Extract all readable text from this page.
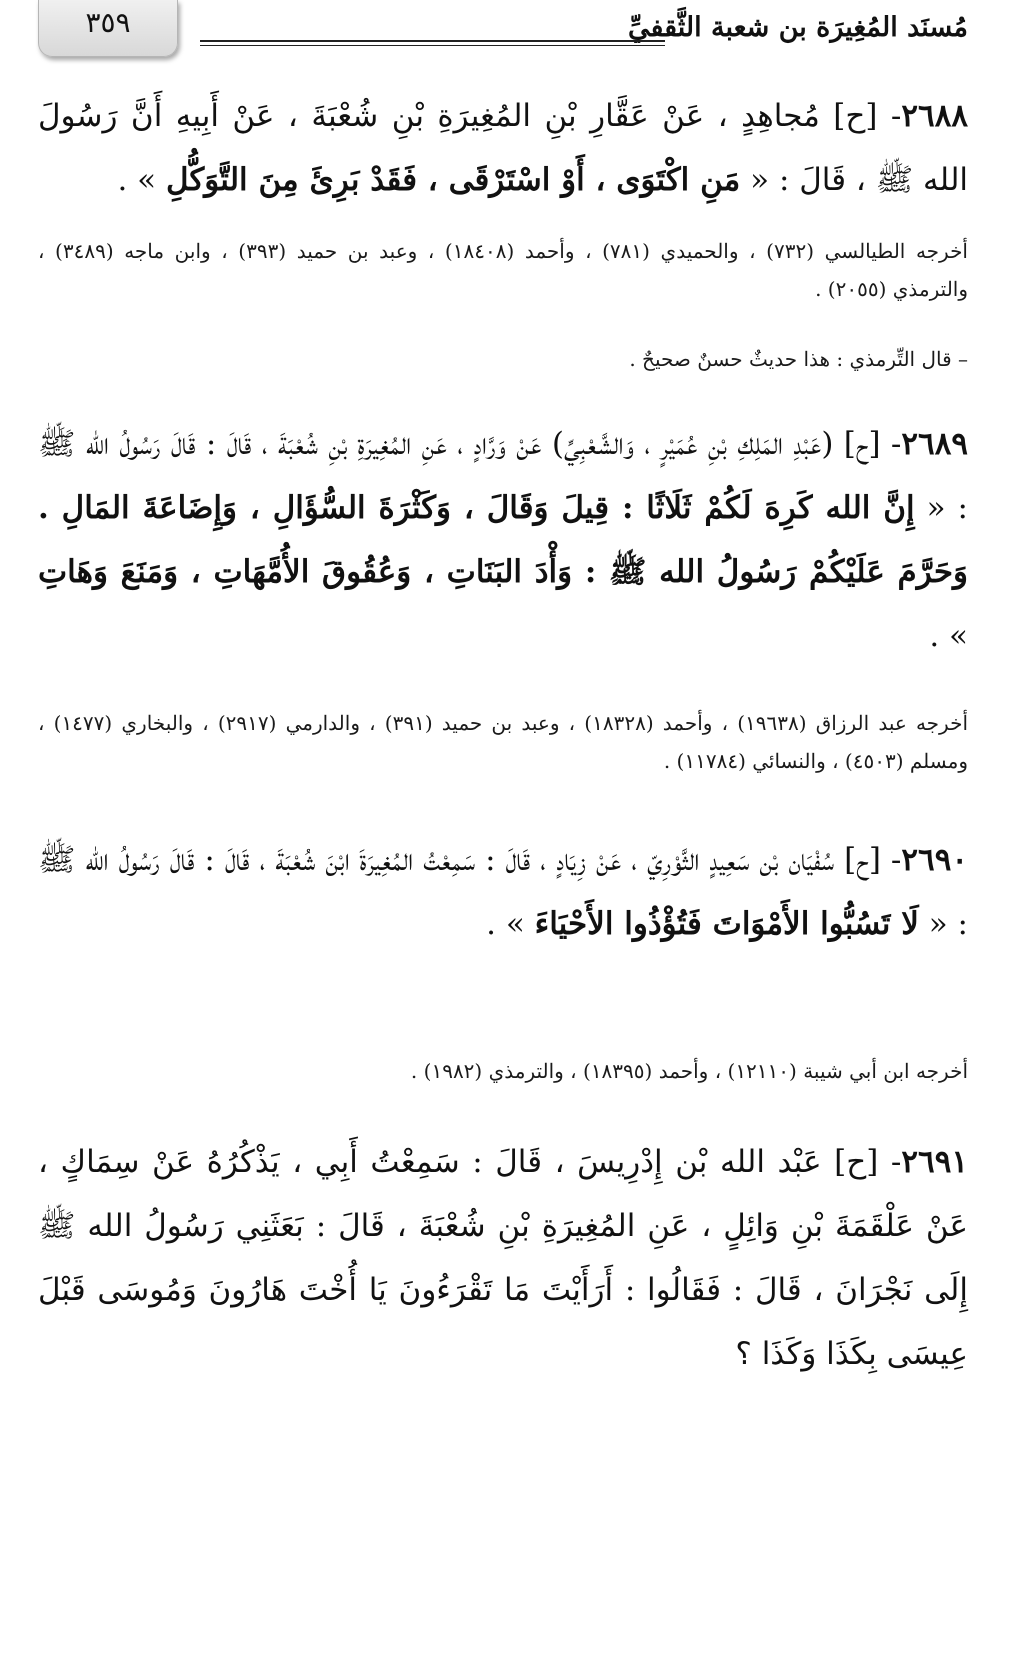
مُسنَد المُغِيرَة بن شعبة الثَّقفيِّ
٣٥٩
٢٦٨٨- [ح] مُجاهِدٍ ، عَنْ عَقَّارِ بْنِ المُغِيرَةِ بْنِ شُعْبَةَ ، عَنْ أَبِيهِ أَنَّ رَسُولَ الله ﷺ ، قَالَ : « مَنِ اكْتَوَى ، أَوْ اسْتَرْقَى ، فَقَدْ بَرِئَ مِنَ التَّوَكُّلِ » .
أخرجه الطيالسي (٧٣٢) ، والحميدي (٧٨١) ، وأحمد (١٨٤٠٨) ، وعبد بن حميد (٣٩٣) ، وابن ماجه (٣٤٨٩) ، والترمذي (٢٠٥٥) .
– قال التِّرمذي : هذا حديثٌ حسنٌ صحيحٌ .
٢٦٨٩- [ح] (عَبْدِ المَلِكِ بْنِ عُمَيْرٍ ، وَالشَّعْبِيِّ) عَنْ وَرَّادٍ ، عَنِ المُغِيرَةِ بْنِ شُعْبَةَ ، قَالَ : قَالَ رَسُولُ الله ﷺ : « إِنَّ الله كَرِهَ لَكُمْ ثَلَاثًا : قِيلَ وَقَالَ ، وَكَثْرَةَ السُّؤَالِ ، وَإِضَاعَةَ المَالِ . وَحَرَّمَ عَلَيْكُمْ رَسُولُ الله ﷺ : وَأْدَ البَنَاتِ ، وَعُقُوقَ الأُمَّهَاتِ ، وَمَنَعَ وَهَاتِ » .
أخرجه عبد الرزاق (١٩٦٣٨) ، وأحمد (١٨٣٢٨) ، وعبد بن حميد (٣٩١) ، والدارمي (٢٩١٧) ، والبخاري (١٤٧٧) ، ومسلم (٤٥٠٣) ، والنسائي (١١٧٨٤) .
٢٦٩٠- [ح] سُفْيَان بْن سَعِيدٍ الثَّوْرِيّ ، عَنْ زِيَادٍ ، قَالَ : سَمِعْتُ المُغِيرَةَ ابْنَ شُعْبَةَ ، قَالَ : قَالَ رَسُولُ الله ﷺ : « لَا تَسُبُّوا الأَمْوَاتَ فَتُؤْذُوا الأَحْيَاءَ » .
أخرجه ابن أبي شيبة (١٢١١٠) ، وأحمد (١٨٣٩٥) ، والترمذي (١٩٨٢) .
٢٦٩١- [ح] عَبْد الله بْن إِدْرِيسَ ، قَالَ : سَمِعْتُ أَبِي ، يَذْكُرُهُ عَنْ سِمَاكٍ ، عَنْ عَلْقَمَةَ بْنِ وَائِلٍ ، عَنِ المُغِيرَةِ بْنِ شُعْبَةَ ، قَالَ : بَعَثَنِي رَسُولُ الله ﷺ إِلَى نَجْرَانَ ، قَالَ : فَقَالُوا : أَرَأَيْتَ مَا تَقْرَءُونَ يَا أُخْتَ هَارُونَ وَمُوسَى قَبْلَ عِيسَى بِكَذَا وَكَذَا ؟
